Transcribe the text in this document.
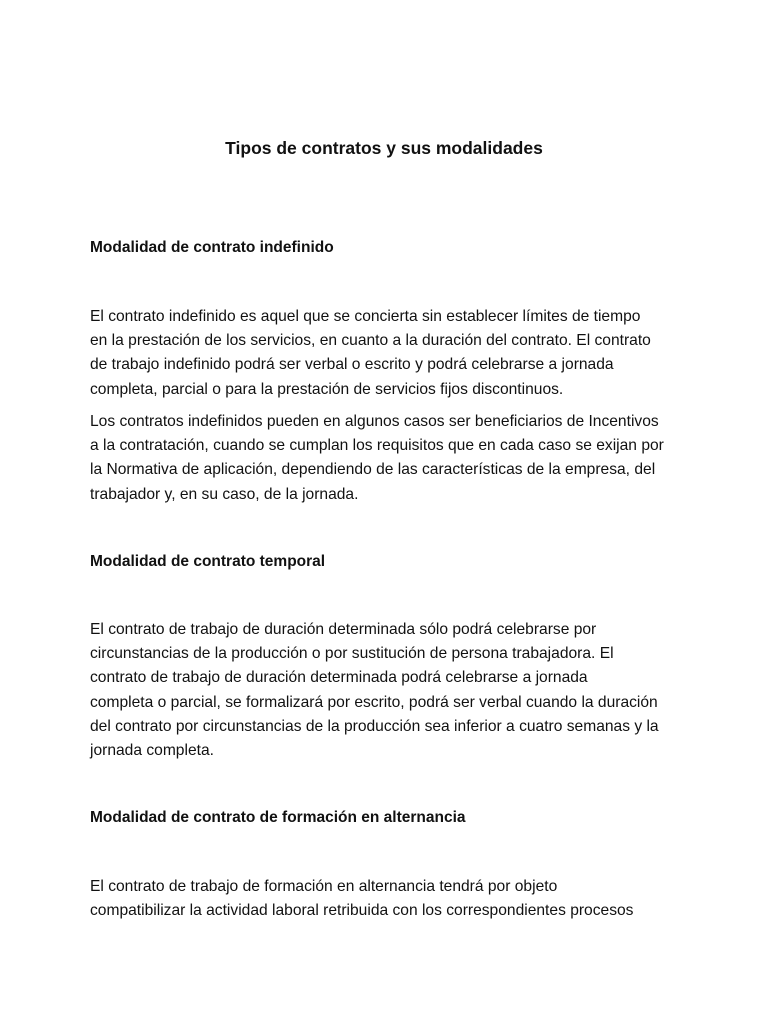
Tipos de contratos y sus modalidades
Modalidad de contrato indefinido

El contrato indefinido es aquel que se concierta sin establecer límites de tiempo
en la prestación de los servicios, en cuanto a la duración del contrato. El contrato
de trabajo indefinido podrá ser verbal o escrito y podrá celebrarse a jornada
completa, parcial o para la prestación de servicios fijos discontinuos.

Los contratos indefinidos pueden en algunos casos ser beneficiarios de Incentivos
a la contratación, cuando se cumplan los requisitos que en cada caso se exijan por
la Normativa de aplicación, dependiendo de las características de la empresa, del
trabajador y, en su caso, de la jornada.

Modalidad de contrato temporal

El contrato de trabajo de duración determinada sólo podrá celebrarse por
circunstancias de la producción o por sustitución de persona trabajadora. El
contrato de trabajo de duración determinada podrá celebrarse a jornada
completa o parcial, se formalizará por escrito, podrá ser verbal cuando la duración
del contrato por circunstancias de la producción sea inferior a cuatro semanas y la
jornada completa.

Modalidad de contrato de formación en alternancia

El contrato de trabajo de formación en alternancia tendrá por objeto
compatibilizar la actividad laboral retribuida con los correspondientes procesos
